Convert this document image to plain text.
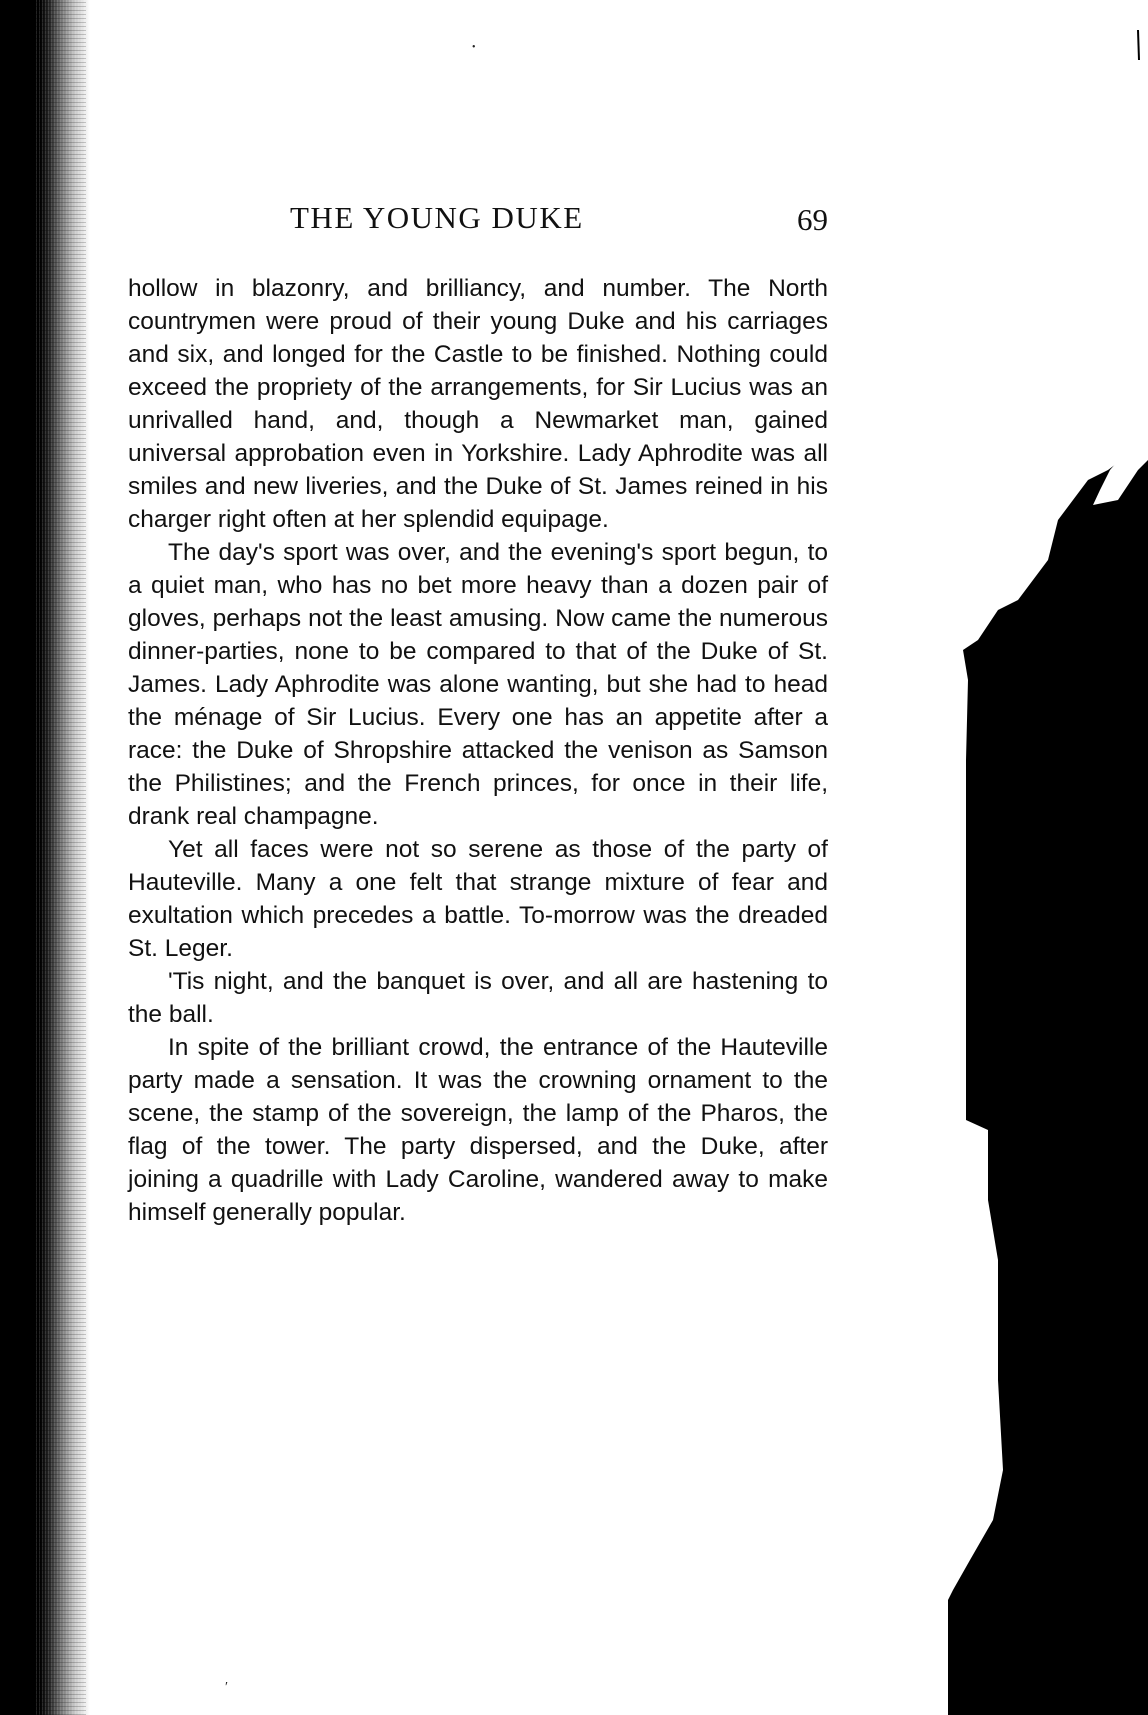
THE YOUNG DUKE	69

hollow in blazonry, and brilliancy, and number. The North countrymen were proud of their young Duke and his carriages and six, and longed for the Castle to be finished. Nothing could exceed the propriety of the arrangements, for Sir Lucius was an unrivalled hand, and, though a Newmarket man, gained universal approbation even in Yorkshire. Lady Aphrodite was all smiles and new liveries, and the Duke of St. James reined in his charger right often at her splendid equipage.

The day's sport was over, and the evening's sport begun, to a quiet man, who has no bet more heavy than a dozen pair of gloves, perhaps not the least amusing. Now came the numerous dinner-parties, none to be compared to that of the Duke of St. James. Lady Aphrodite was alone wanting, but she had to head the ménage of Sir Lucius. Every one has an appetite after a race: the Duke of Shropshire attacked the venison as Samson the Philistines; and the French princes, for once in their life, drank real champagne.

Yet all faces were not so serene as those of the party of Hauteville. Many a one felt that strange mixture of fear and exultation which precedes a battle. To-morrow was the dreaded St. Leger.

'Tis night, and the banquet is over, and all are hastening to the ball.

In spite of the brilliant crowd, the entrance of the Hauteville party made a sensation. It was the crowning ornament to the scene, the stamp of the sovereign, the lamp of the Pharos, the flag of the tower. The party dispersed, and the Duke, after joining a quadrille with Lady Caroline, wandered away to make himself generally popular.

•
′
